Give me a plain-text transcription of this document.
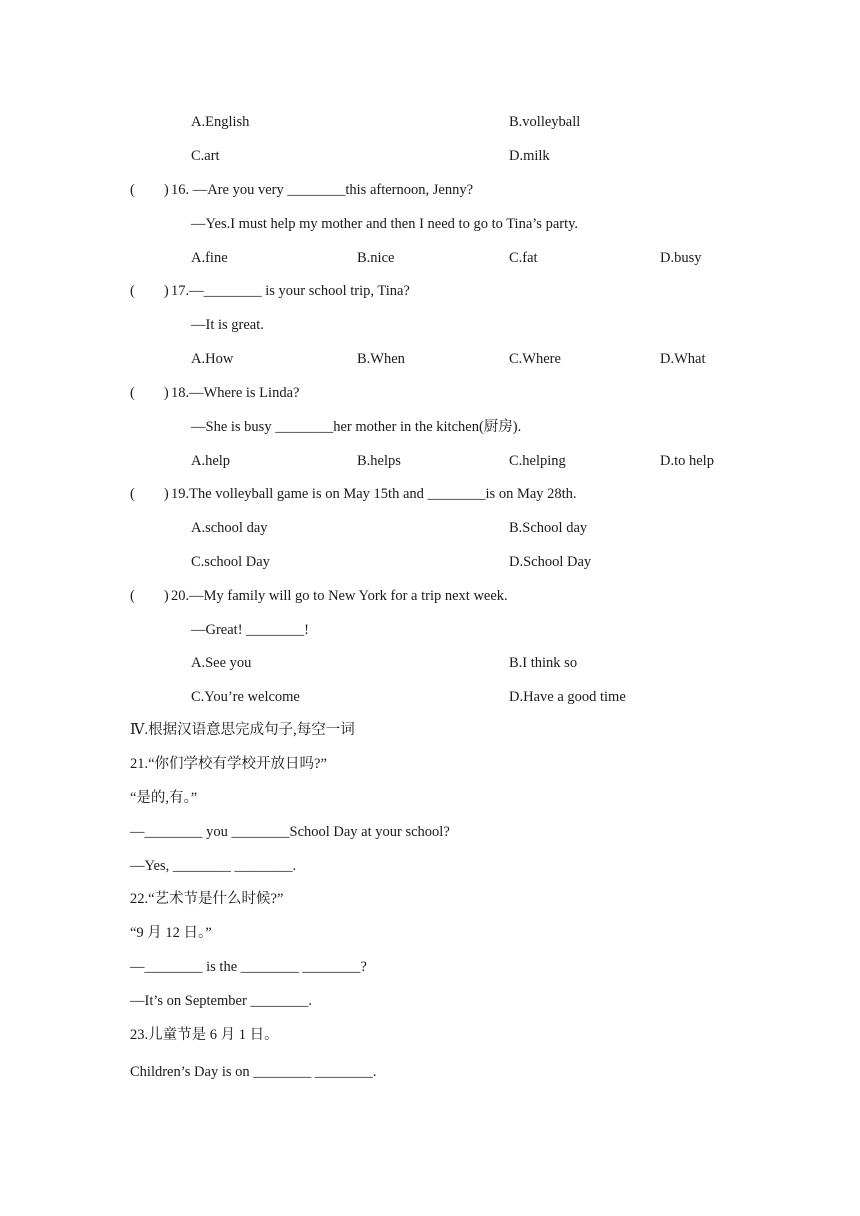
A.English	B.volleyball
C.art	D.milk
(        ) 16. —Are you very ________this afternoon, Jenny?
—Yes.I must help my mother and then I need to go to Tina’s party.
A.fine	B.nice	C.fat	D.busy
(        ) 17.—________ is your school trip, Tina?
—It is great.
A.How	B.When	C.Where	D.What
(        ) 18.—Where is Linda?
—She is busy ________her mother in the kitchen(厨房).
A.help	B.helps	C.helping	D.to help
(        ) 19.The volleyball game is on May 15th and ________is on May 28th.
A.school day	B.School day
C.school Day	D.School Day
(        ) 20.—My family will go to New York for a trip next week.
—Great! ________!
A.See you	B.I think so
C.You’re welcome	D.Have a good time
Ⅳ.根据汉语意思完成句子,每空一词
21.“你们学校有学校开放日吗?”
“是的,有。”
—________ you ________School Day at your school?
—Yes, ________ ________.
22.“艺术节是什么时候?”
“9 月 12 日。”
—________ is the ________ ________?
—It’s on September ________.
23.儿童节是 6 月 1 日。
Children’s Day is on ________ ________.
